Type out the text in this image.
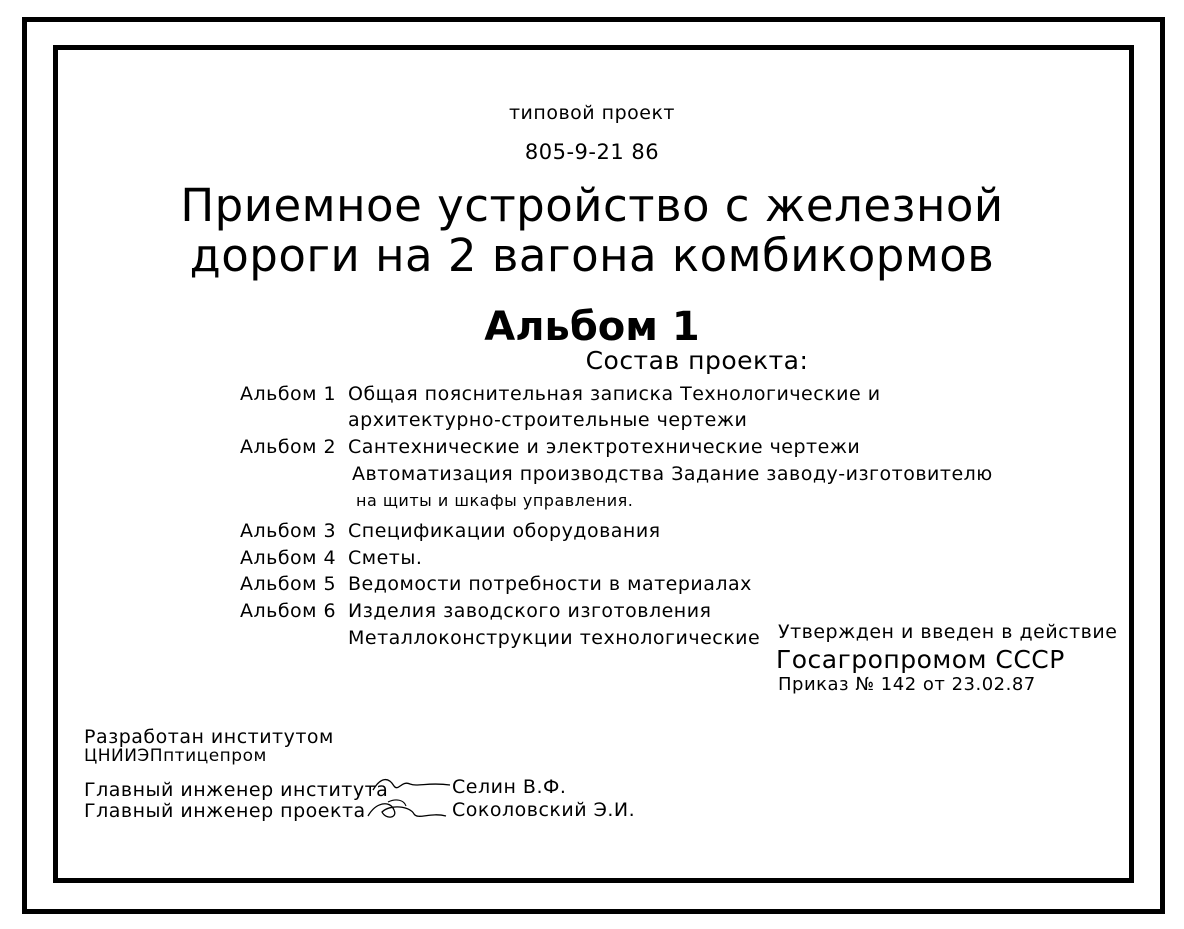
типовой проект
805-9-21 86
Приемное устройство с железной
дороги на 2 вагона комбикормов
Альбом 1
Состав проекта:
Альбом 1 Общая пояснительная записка Технологические и
архитектурно-строительные чертежи
Альбом 2 Сантехнические и электротехнические чертежи
Автоматизация производства Задание заводу-изготовителю
на щиты и шкафы управления.
Альбом 3 Спецификации оборудования
Альбом 4 Сметы.
Альбом 5 Ведомости потребности в материалах
Альбом 6 Изделия заводского изготовления
Металлоконструкции технологические Утвержден и введен в действие
Госагропромом СССР
Приказ № 142 от 23.02.87
Разработан институтом
ЦНИИЭПптицепром
Главный инженер института	Селин В.Ф.
Главный инженер проекта	Соколовский Э.И.
